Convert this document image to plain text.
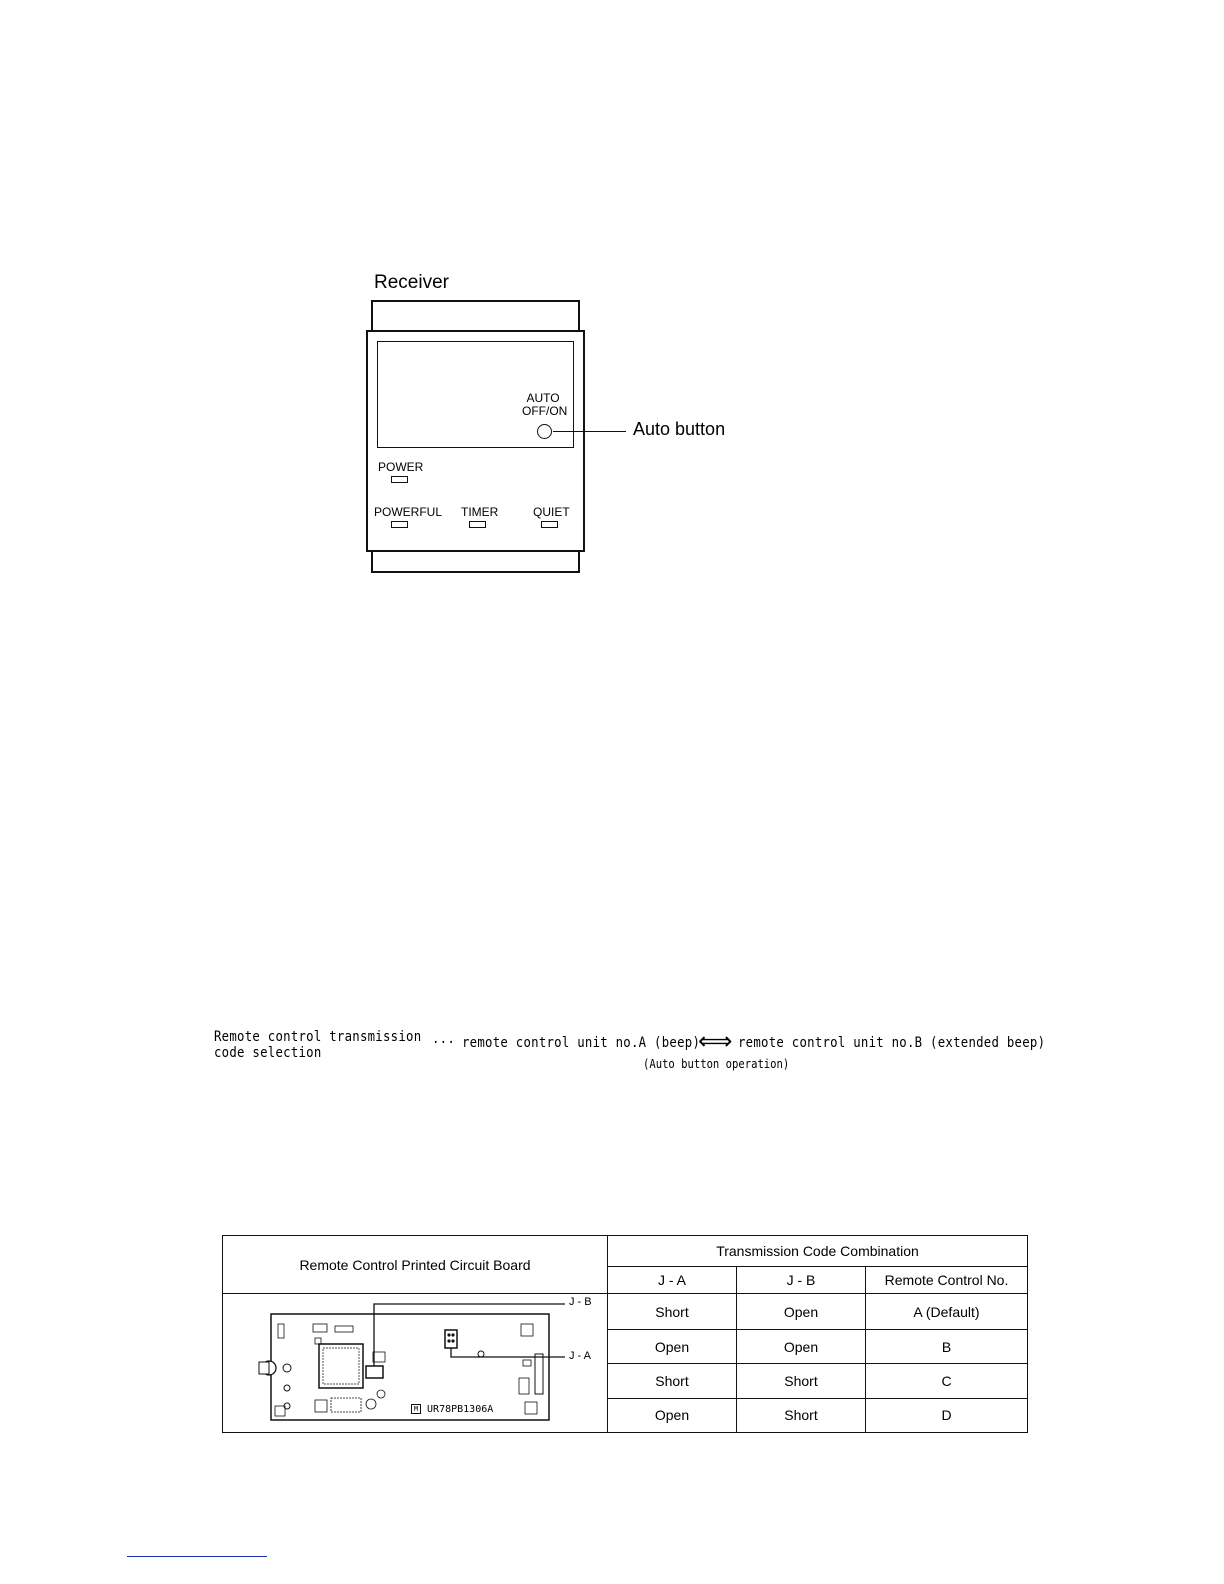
Receiver
AUTO
OFF/ON
Auto button
POWER
POWERFUL TIMER	QUIET
Remote control transmission
code selection
··· remote control unit no.A (beep)
⟺ remote control unit no.B (extended beep)
(Auto button operation)
Remote Control Printed Circuit Board	Transmission Code Combination		
	J - A	J - B	Remote Control No.

J - B
J - A
M UR78PB1306A	Short	Open	A (Default)
	Open	Open	B
	Short	Short	C
	Open	Short	D
